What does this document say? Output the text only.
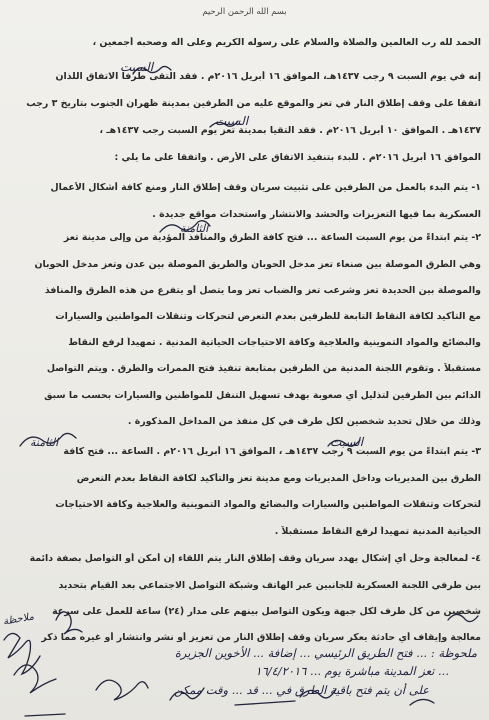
بسم الله الرحمن الرحيم
الحمد لله رب العالمين والصلاة والسلام على رسوله الكريم وعلى آله وصحبه أجمعين ،
إنه في يوم السبت ٩ رجب ١٤٣٧هـ، الموافق ١٦ أبريل ٢٠١٦م . فقد التقى طرفا الاتفاق اللذان
اتفقا على وقف إطلاق النار في تعز والموقع عليه من الطرفين بمدينة ظهران الجنوب بتاريخ ٣ رجب
١٤٣٧هـ . الموافق ١٠ أبريل ٢٠١٦م . فقد التقيا بمدينة تعز يوم السبت رجب ١٤٣٧هـ ،
الموافق ١٦ أبريل ٢٠١٦م . للبدء بتنفيذ الاتفاق على الأرض . واتفقا على ما يلي :
١- يتم البدء بالعمل من الطرفين على تثبيت سريان وقف إطلاق النار ومنع كافة أشكال الأعمال
العسكرية بما فيها التعزيزات والحشد والانتشار واستحداث مواقع جديدة .
٢- يتم ابتداءً من يوم السبت الساعة ... فتح كافة الطرق والمنافذ المؤدية من وإلى مدينة تعز
وهي الطرق الموصلة بين صنعاء تعز مدخل الحوبان والطريق الموصلة بين عدن وتعز مدخل الحوبان
والموصلة بين الحديدة تعز وشرعب تعز والضباب تعز وما يتصل أو يتفرع من هذه الطرق والمنافذ
مع التأكيد لكافة النقاط التابعة للطرفين بعدم التعرض لتحركات وتنقلات المواطنين والسيارات
والبضائع والمواد التموينية والعلاجية وكافة الاحتياجات الحياتية المدنية . تمهيداً لرفع النقاط
مستقبلاً . وتقوم اللجنة المدنية من الطرفين بمتابعة تنفيذ فتح الممرات والطرق . ويتم التواصل
الدائم بين الطرفين لتذليل أي صعوبة بهدف تسهيل التنقل للمواطنين والسيارات بحسب ما سبق
وذلك من خلال تحديد شخصين لكل طرف في كل منفذ من المداخل المذكورة .
٣- يتم ابتداءً من يوم السبت ٩ رجب ١٤٣٧هـ ، الموافق ١٦ أبريل ٢٠١٦م . الساعة ... فتح كافة
الطرق بين المديريات وداخل المديريات ومع مدينة تعز والتأكيد لكافة النقاط بعدم التعرض
لتحركات وتنقلات المواطنين والسيارات والبضائع والمواد التموينية والعلاجية وكافة الاحتياجات
الحياتية المدنية تمهيداً لرفع النقاط مستقبلاً .
٤- لمعالجة وحل أي إشكال يهدد سريان وقف إطلاق النار يتم اللقاء إن أمكن أو التواصل بصفة دائمة
بين طرفي اللجنة العسكرية للجانبين عبر الهاتف وشبكة التواصل الاجتماعي بعد القيام بتحديد
شخصين من كل طرف لكل جبهة ويكون التواصل بينهم على مدار (٢٤) ساعة للعمل على سرعة
معالجة وإيقاف أي حادثة يعكر سريان وقف إطلاق النار من تعزيز أو نشر وانتشار أو غيره مما ذكر
السبت
السبت
الثامنة
السبت
الثامنة
ملاحظة
ملحوظة : ... فتح الطريق الرئيسي ... إضافة ... الأخوين الجزيرة
... تعز المدينة مباشرة يوم ... ١٦/٤/٢٠١٦
على أن يتم فتح باقية الطرق في ... قد ... وقت ممكن
